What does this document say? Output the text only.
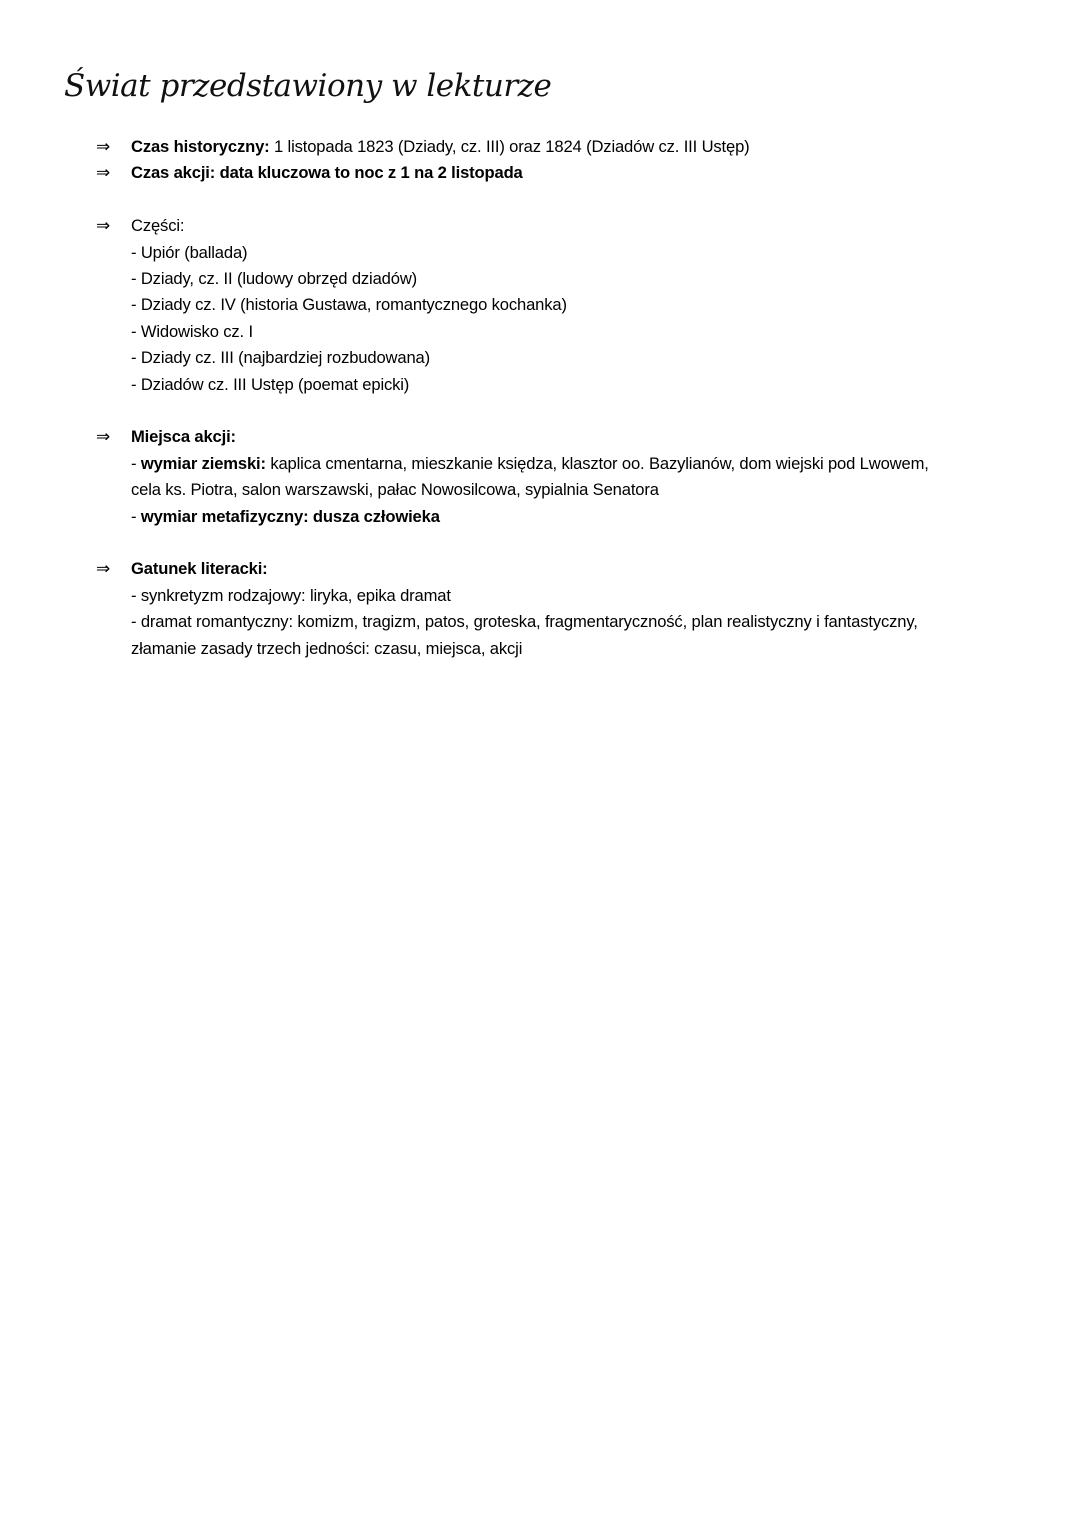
Świat przedstawiony w lekturze
⇒ Czas historyczny: 1 listopada 1823 (Dziady, cz. III) oraz 1824 (Dziadów cz. III Ustęp)
⇒ Czas akcji: data kluczowa to noc z 1 na 2 listopada
⇒ Części:
- Upiór (ballada)
- Dziady, cz. II (ludowy obrzęd dziadów)
- Dziady cz. IV (historia Gustawa, romantycznego kochanka)
- Widowisko cz. I
- Dziady cz. III (najbardziej rozbudowana)
- Dziadów cz. III Ustęp (poemat epicki)
⇒ Miejsca akcji:
- wymiar ziemski: kaplica cmentarna, mieszkanie księdza, klasztor oo. Bazylianów, dom wiejski pod Lwowem, cela ks. Piotra, salon warszawski, pałac Nowosilcowa, sypialnia Senatora
- wymiar metafizyczny: dusza człowieka
⇒ Gatunek literacki:
- synkretyzm rodzajowy: liryka, epika dramat
- dramat romantyczny: komizm, tragizm, patos, groteska, fragmentaryczność, plan realistyczny i fantastyczny, złamanie zasady trzech jedności: czasu, miejsca, akcji
